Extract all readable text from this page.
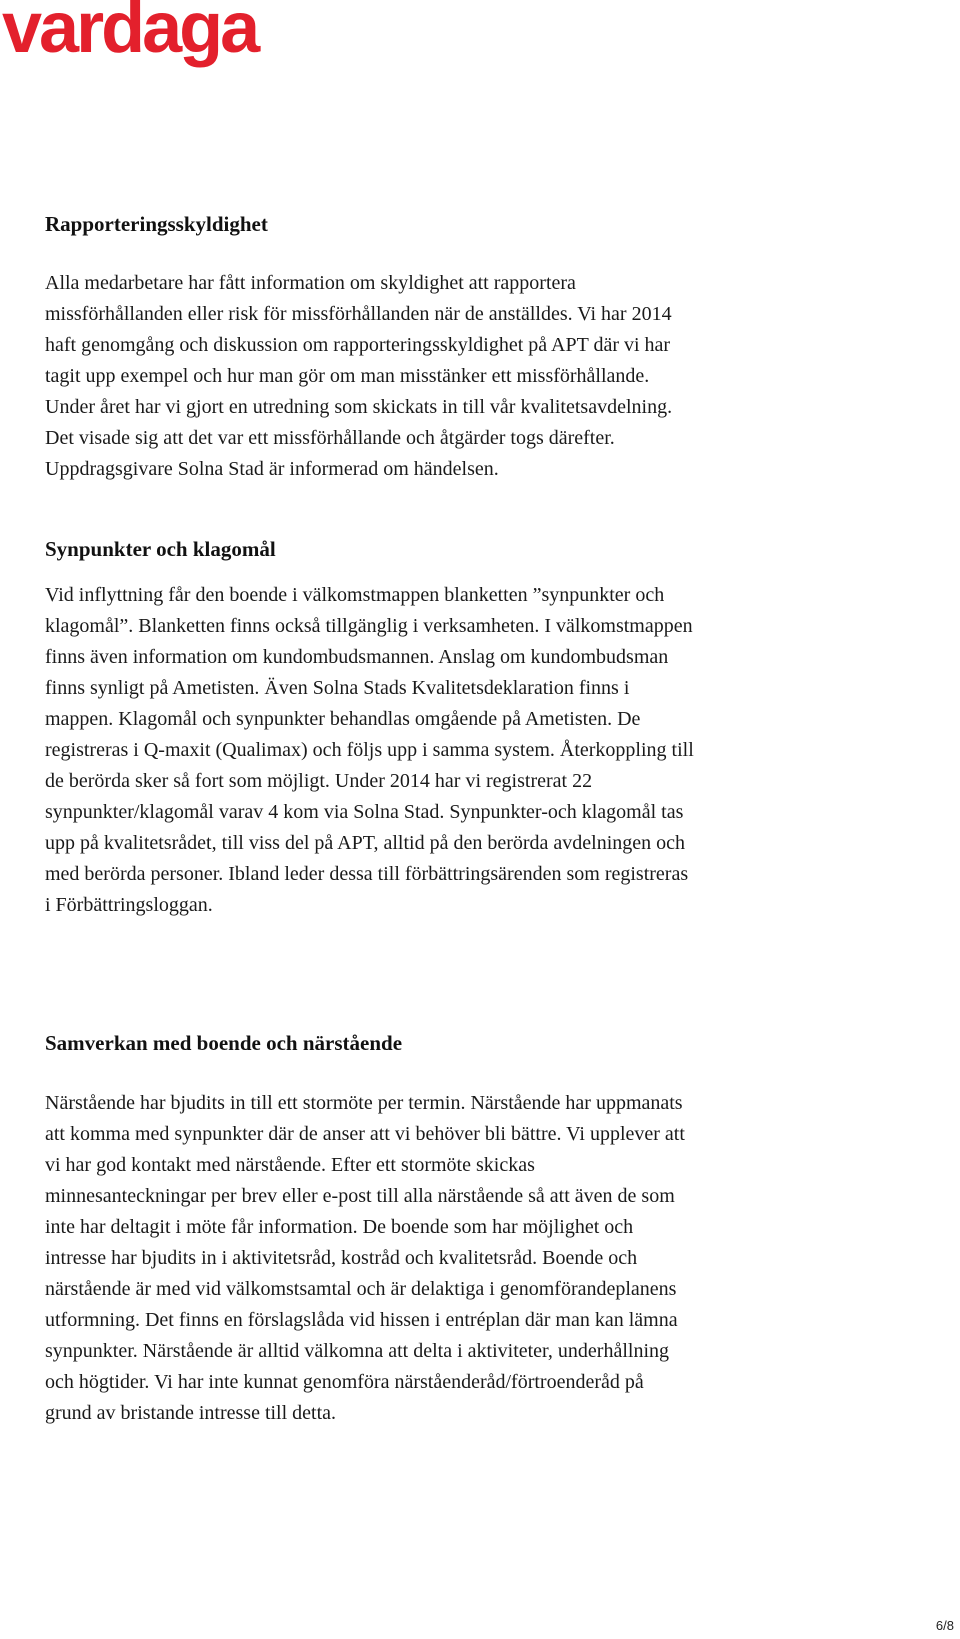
vardaga
Rapporteringsskyldighet
Alla medarbetare har fått information om skyldighet att rapportera
missförhållanden eller risk för missförhållanden när de anställdes. Vi har 2014
haft genomgång och diskussion om rapporteringsskyldighet på APT där vi har
tagit upp exempel och hur man gör om man misstänker ett missförhållande.
Under året har vi gjort en utredning som skickats in till vår kvalitetsavdelning.
Det visade sig att det var ett missförhållande och åtgärder togs därefter.
Uppdragsgivare Solna Stad är informerad om händelsen.
Synpunkter och klagomål
Vid inflyttning får den boende i välkomstmappen blanketten ”synpunkter och
klagomål”. Blanketten finns också tillgänglig i verksamheten. I välkomstmappen
finns även information om kundombudsmannen. Anslag om kundombudsman
finns synligt på Ametisten. Även Solna Stads Kvalitetsdeklaration finns i
mappen. Klagomål och synpunkter behandlas omgående på Ametisten. De
registreras i Q-maxit (Qualimax) och följs upp i samma system. Återkoppling till
de berörda sker så fort som möjligt. Under 2014 har vi registrerat 22
synpunkter/klagomål varav 4 kom via Solna Stad. Synpunkter-och klagomål tas
upp på kvalitetsrådet, till viss del på APT, alltid på den berörda avdelningen och
med berörda personer. Ibland leder dessa till förbättringsärenden som registreras
i Förbättringsloggan.
Samverkan med boende och närstående
Närstående har bjudits in till ett stormöte per termin. Närstående har uppmanats
att komma med synpunkter där de anser att vi behöver bli bättre. Vi upplever att
vi har god kontakt med närstående. Efter ett stormöte skickas
minnesanteckningar per brev eller e-post till alla närstående så att även de som
inte har deltagit i möte får information. De boende som har möjlighet och
intresse har bjudits in i aktivitetsråd, kostråd och kvalitetsråd. Boende och
närstående är med vid välkomstsamtal och är delaktiga i genomförandeplanens
utformning. Det finns en förslagslåda vid hissen i entréplan där man kan lämna
synpunkter. Närstående är alltid välkomna att delta i aktiviteter, underhållning
och högtider. Vi har inte kunnat genomföra närståenderåd/förtroenderåd på
grund av bristande intresse till detta.
6/8
